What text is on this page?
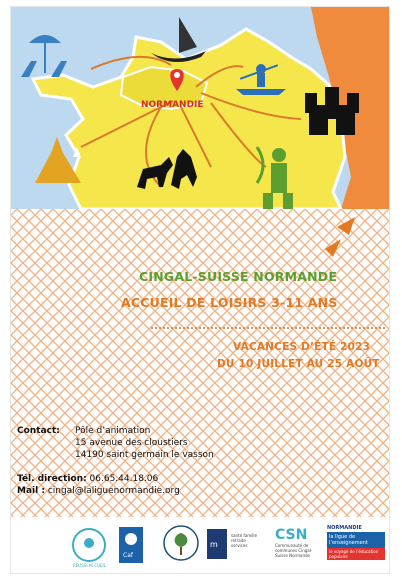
NORMANDIE
CINGAL-SUISSE NORMANDE
ACCUEIL DE LOISIRS 3-11 ANS
VACANCES D’ÉTÉ 2023
DU 10 JUILLET AU 25 AOÛT
Contact: Pôle d’animation
15 avenue des cloustiers
14190 saint germain le vasson
Tél. direction: 06.65.44.18.06
Mail : cingal@laliguenormandie.org
RÉUSSI ACCUEIL
Caf
m
santé famille retraite services
CSN
Communauté de communes Cingal-Suisse Normande
NORMANDIE
la ligue de l’enseignement
le voyage de l’éducation populaire
